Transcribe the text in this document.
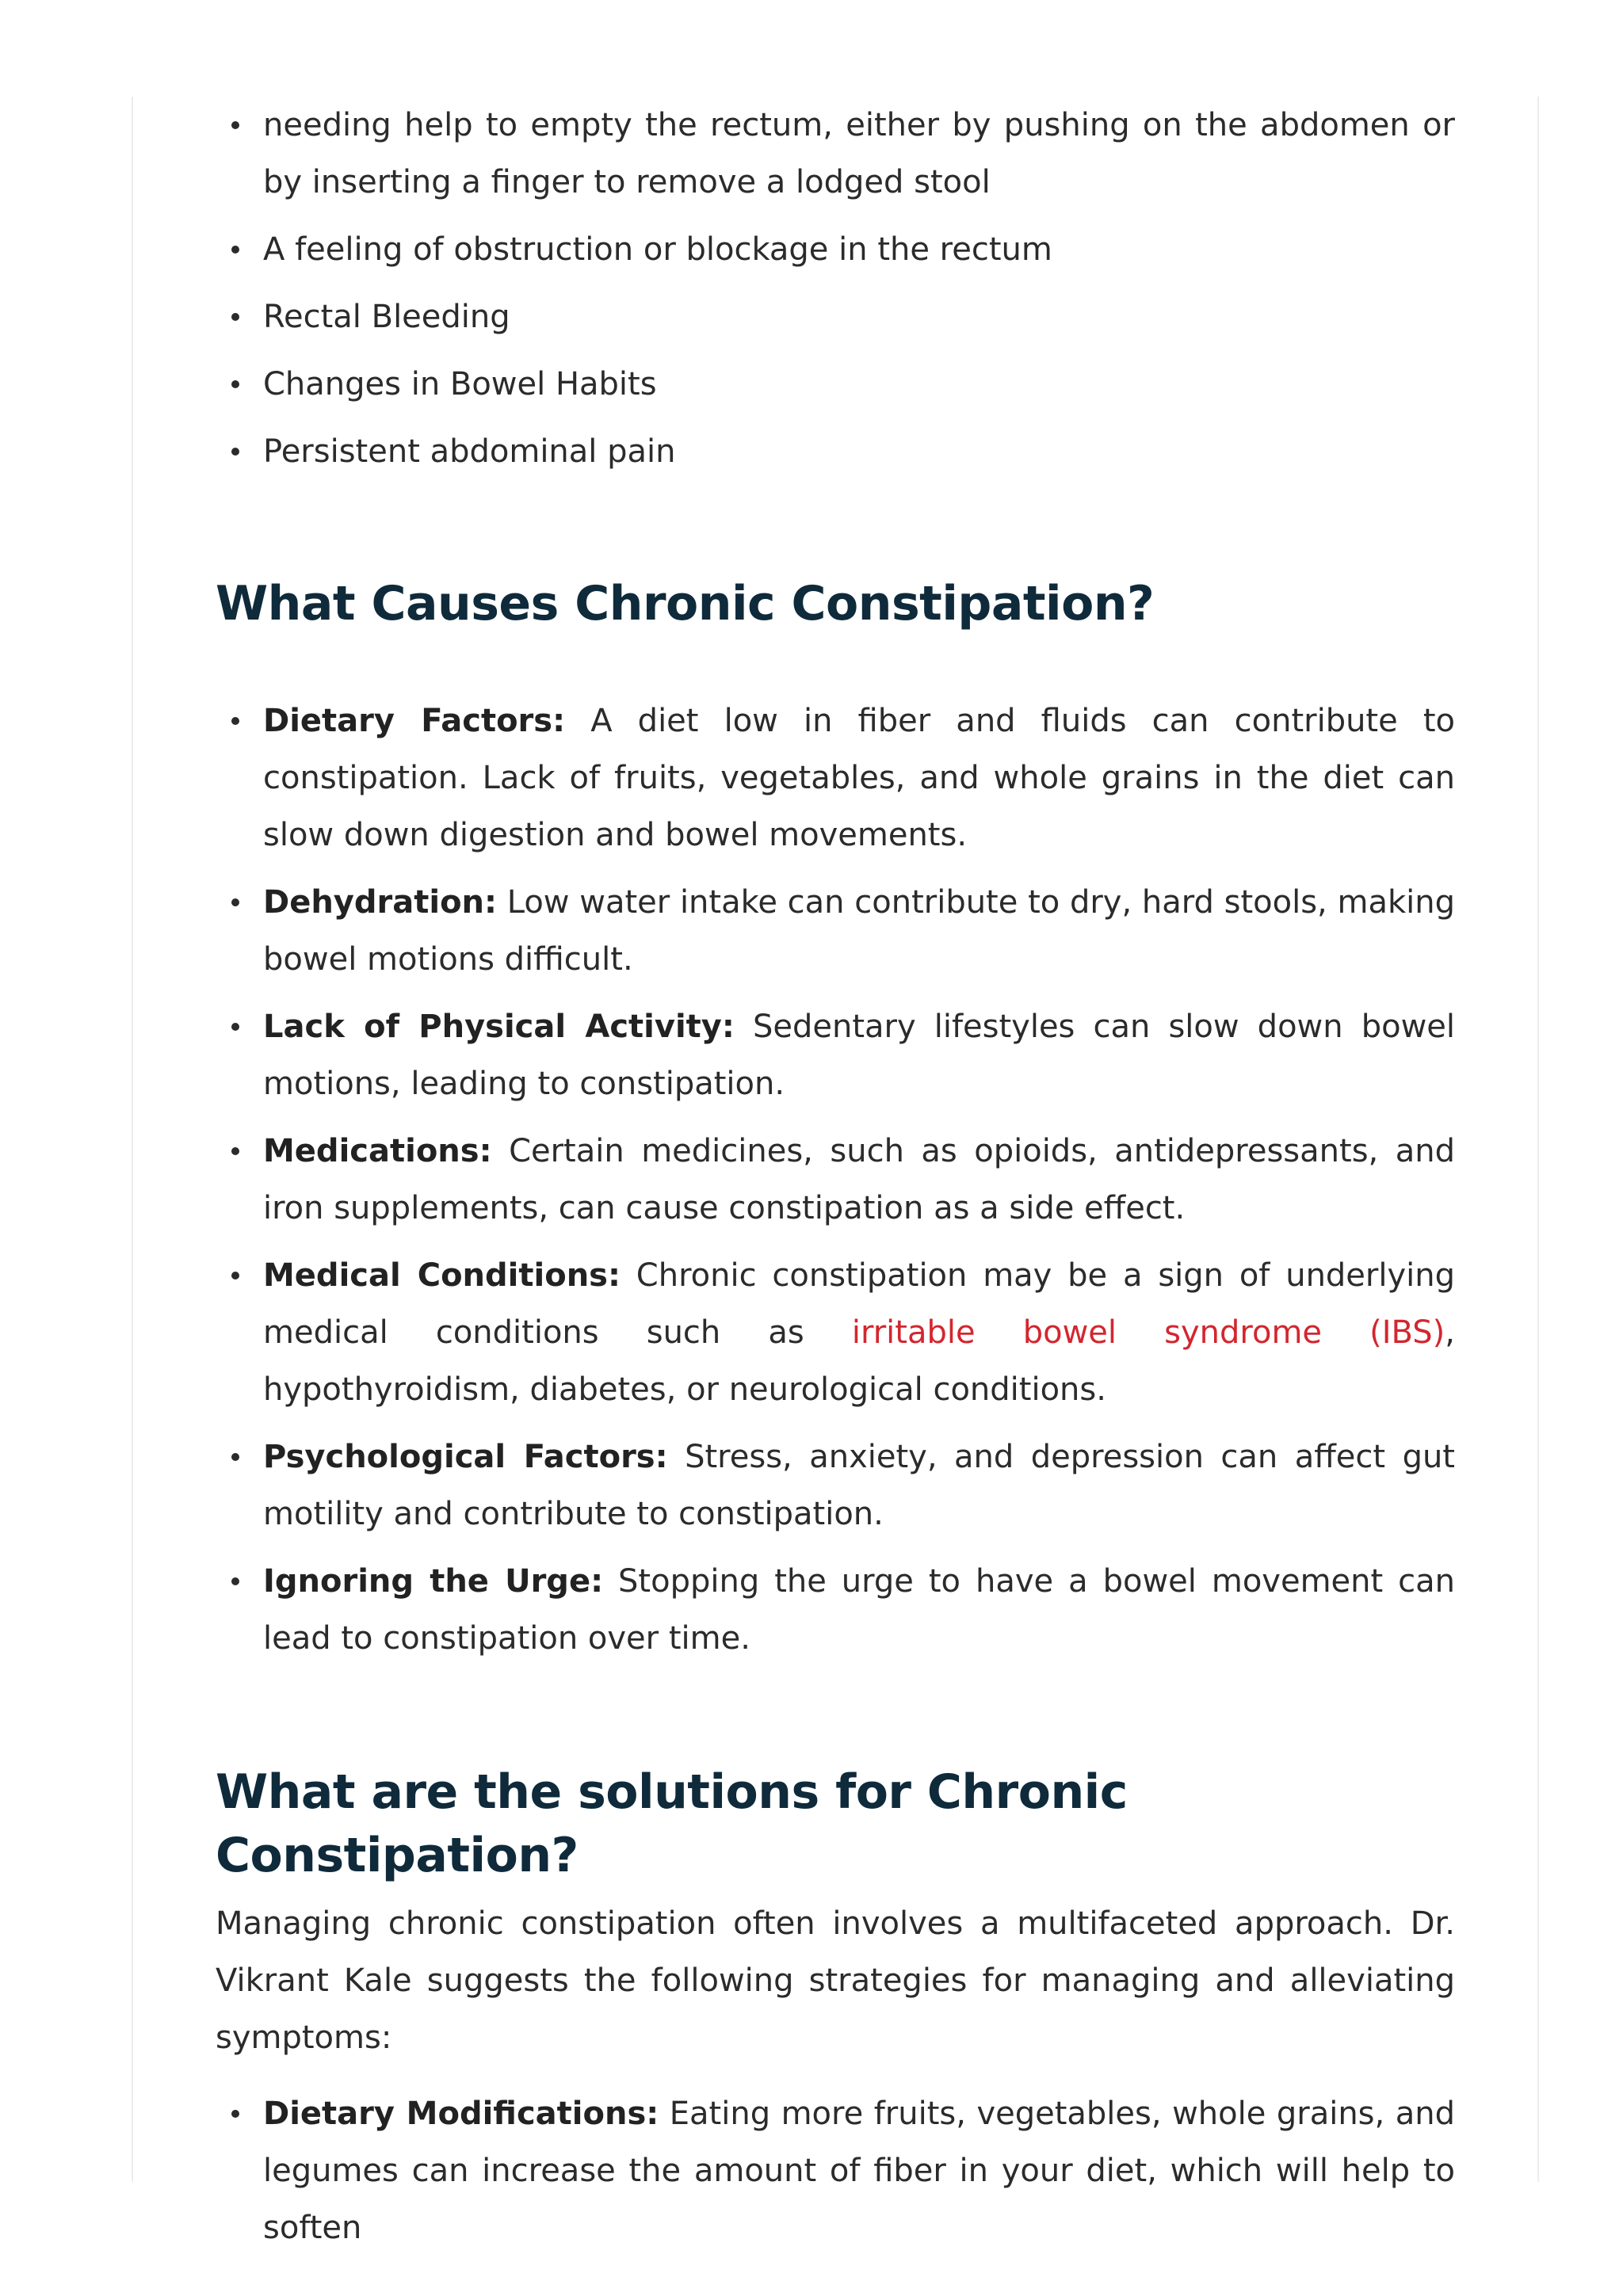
needing help to empty the rectum, either by pushing on the abdomen or by inserting a finger to remove a lodged stool
A feeling of obstruction or blockage in the rectum
Rectal Bleeding
Changes in Bowel Habits
Persistent abdominal pain
What Causes Chronic Constipation?
Dietary Factors: A diet low in fiber and fluids can contribute to constipation. Lack of fruits, vegetables, and whole grains in the diet can slow down digestion and bowel movements.
Dehydration: Low water intake can contribute to dry, hard stools, making bowel motions difficult.
Lack of Physical Activity: Sedentary lifestyles can slow down bowel motions, leading to constipation.
Medications: Certain medicines, such as opioids, antidepressants, and iron supplements, can cause constipation as a side effect.
Medical Conditions: Chronic constipation may be a sign of underlying medical conditions such as irritable bowel syndrome (IBS), hypothyroidism, diabetes, or neurological conditions.
Psychological Factors: Stress, anxiety, and depression can affect gut motility and contribute to constipation.
Ignoring the Urge: Stopping the urge to have a bowel movement can lead to constipation over time.
What are the solutions for Chronic Constipation?

Managing chronic constipation often involves a multifaceted approach. Dr. Vikrant Kale suggests the following strategies for managing and alleviating symptoms:

Dietary Modifications: Eating more fruits, vegetables, whole grains, and legumes can increase the amount of fiber in your diet, which will help to soften
